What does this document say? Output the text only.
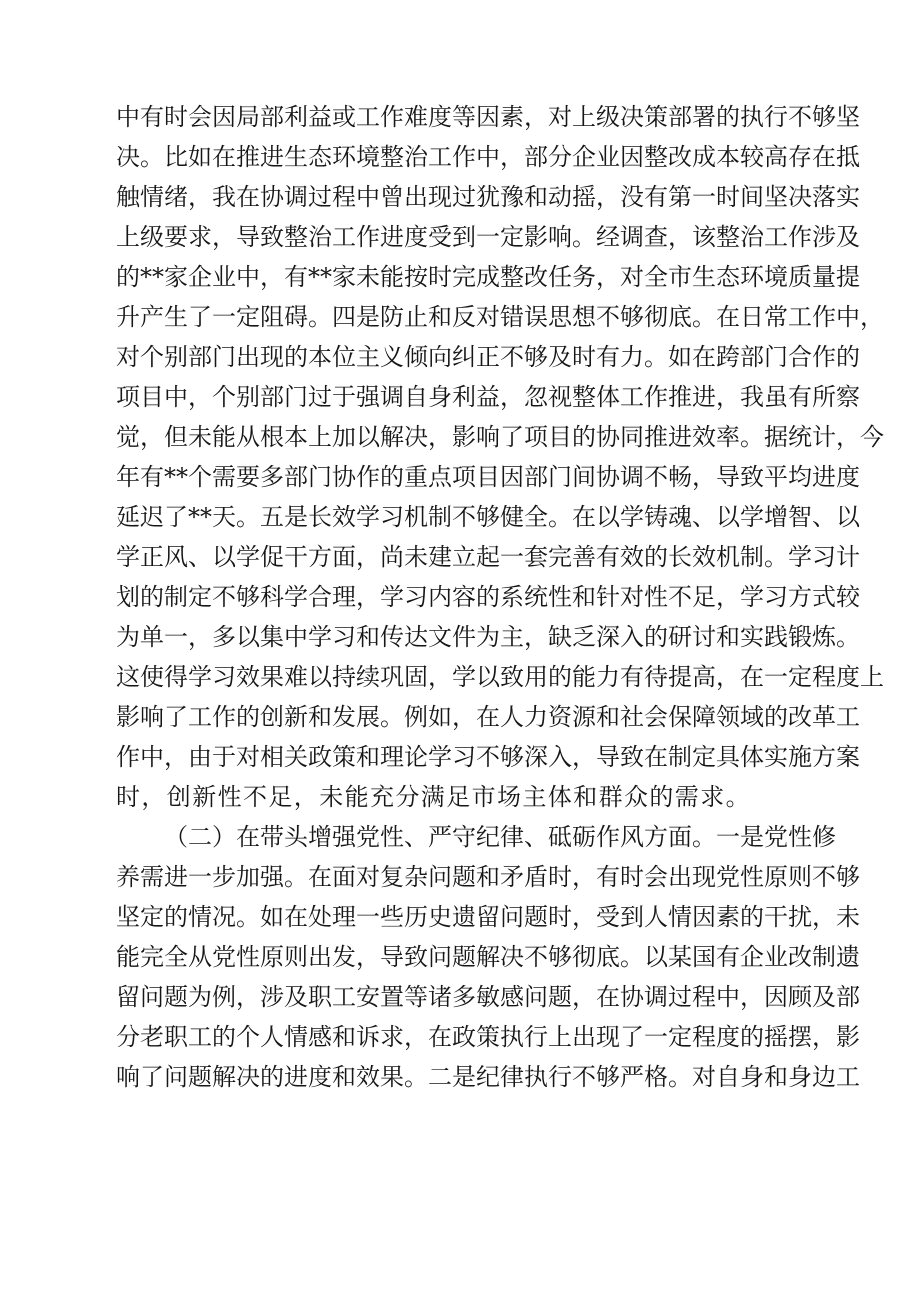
中有时会因局部利益或工作难度等因素，对上级决策部署的执行不够坚
决。比如在推进生态环境整治工作中，部分企业因整改成本较高存在抵
触情绪，我在协调过程中曾出现过犹豫和动摇，没有第一时间坚决落实
上级要求，导致整治工作进度受到一定影响。经调查，该整治工作涉及
的**家企业中，有**家未能按时完成整改任务，对全市生态环境质量提
升产生了一定阻碍。四是防止和反对错误思想不够彻底。在日常工作中，
对个别部门出现的本位主义倾向纠正不够及时有力。如在跨部门合作的
项目中，个别部门过于强调自身利益，忽视整体工作推进，我虽有所察
觉，但未能从根本上加以解决，影响了项目的协同推进效率。据统计，今
年有**个需要多部门协作的重点项目因部门间协调不畅，导致平均进度
延迟了**天。五是长效学习机制不够健全。在以学铸魂、以学增智、以
学正风、以学促干方面，尚未建立起一套完善有效的长效机制。学习计
划的制定不够科学合理，学习内容的系统性和针对性不足，学习方式较
为单一，多以集中学习和传达文件为主，缺乏深入的研讨和实践锻炼。
这使得学习效果难以持续巩固，学以致用的能力有待提高，在一定程度上
影响了工作的创新和发展。例如，在人力资源和社会保障领域的改革工
作中，由于对相关政策和理论学习不够深入，导致在制定具体实施方案
时，创新性不足，未能充分满足市场主体和群众的需求。
（二）在带头增强党性、严守纪律、砥砺作风方面。一是党性修
养需进一步加强。在面对复杂问题和矛盾时，有时会出现党性原则不够
坚定的情况。如在处理一些历史遗留问题时，受到人情因素的干扰，未
能完全从党性原则出发，导致问题解决不够彻底。以某国有企业改制遗
留问题为例，涉及职工安置等诸多敏感问题，在协调过程中，因顾及部
分老职工的个人情感和诉求，在政策执行上出现了一定程度的摇摆，影
响了问题解决的进度和效果。二是纪律执行不够严格。对自身和身边工
